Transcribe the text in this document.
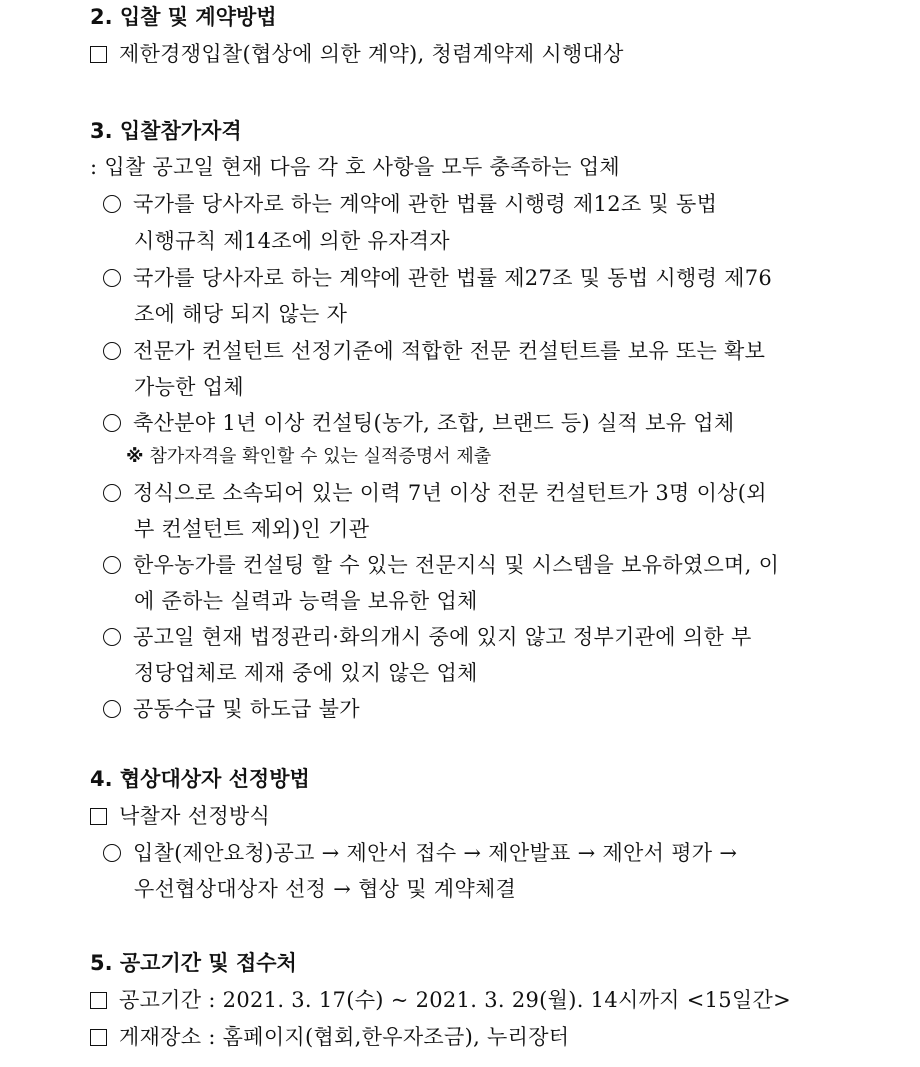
2. 입찰 및 계약방법
제한경쟁입찰(협상에 의한 계약), 청렴계약제 시행대상
3. 입찰참가자격
: 입찰 공고일 현재 다음 각 호 사항을 모두 충족하는 업체
국가를 당사자로 하는 계약에 관한 법률 시행령 제12조 및 동법
시행규칙 제14조에 의한 유자격자
국가를 당사자로 하는 계약에 관한 법률 제27조 및 동법 시행령 제76
조에 해당 되지 않는 자
전문가 컨설턴트 선정기준에 적합한 전문 컨설턴트를 보유 또는 확보
가능한 업체
축산분야 1년 이상 컨설팅(농가, 조합, 브랜드 등) 실적 보유 업체
※ 참가자격을 확인할 수 있는 실적증명서 제출
정식으로 소속되어 있는 이력 7년 이상 전문 컨설턴트가 3명 이상(외
부 컨설턴트 제외)인 기관
한우농가를 컨설팅 할 수 있는 전문지식 및 시스템을 보유하였으며, 이
에 준하는 실력과 능력을 보유한 업체
공고일 현재 법정관리·화의개시 중에 있지 않고 정부기관에 의한 부
정당업체로 제재 중에 있지 않은 업체
공동수급 및 하도급 불가
4. 협상대상자 선정방법
낙찰자 선정방식
입찰(제안요청)공고 → 제안서 접수 → 제안발표 → 제안서 평가 →
우선협상대상자 선정 → 협상 및 계약체결
5. 공고기간 및 접수처
공고기간 : 2021. 3. 17(수) ~ 2021. 3. 29(월). 14시까지 <15일간>
게재장소 : 홈페이지(협회,한우자조금), 누리장터
